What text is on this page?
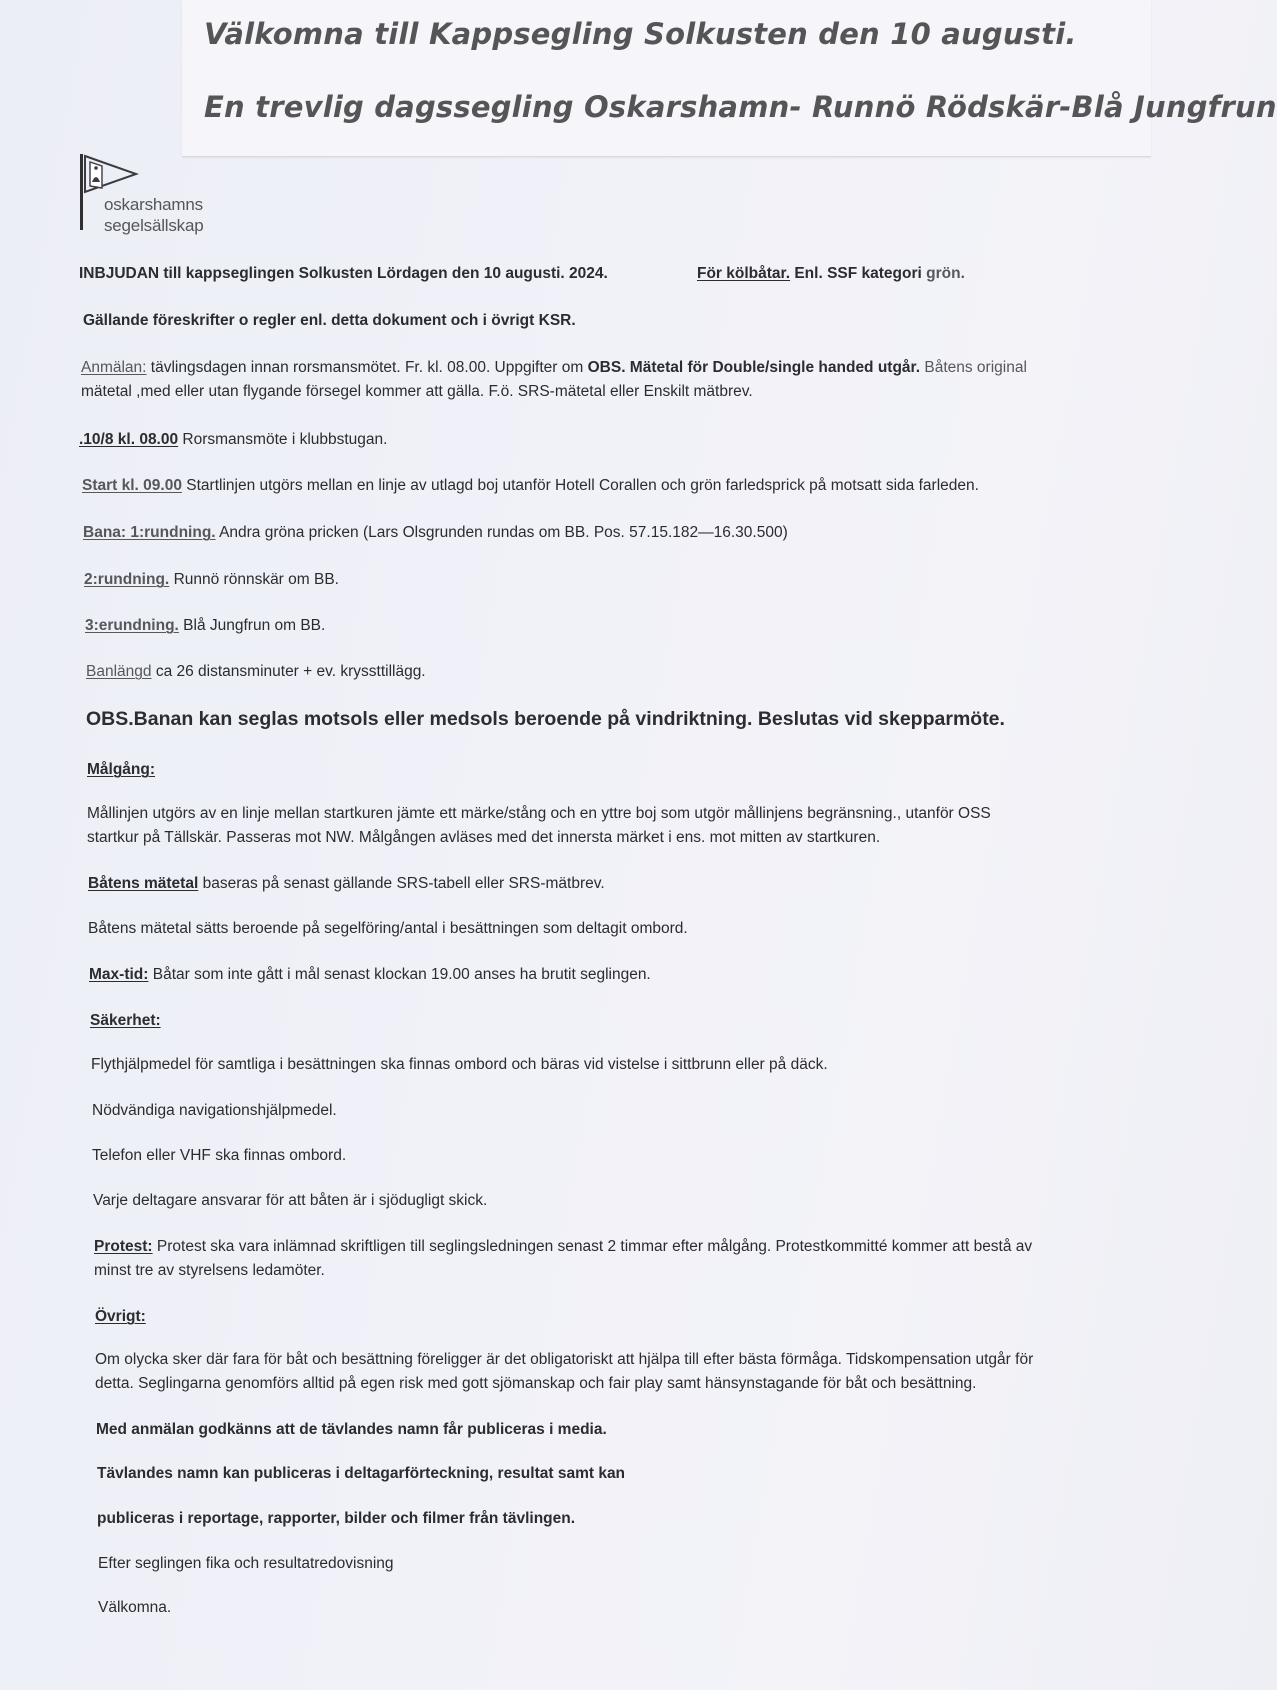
Välkomna till Kappsegling Solkusten den 10 augusti.
En trevlig dagssegling Oskarshamn- Runnö Rödskär-Blå Jungfrun
oskarshamns
segelsällskap
INBJUDAN till kappseglingen Solkusten Lördagen den 10 augusti. 2024.	För kölbåtar. Enl. SSF kategori grön.
Gällande föreskrifter o regler enl. detta dokument och i övrigt KSR.
Anmälan: tävlingsdagen innan rorsmansmötet. Fr. kl. 08.00. Uppgifter om OBS. Mätetal för Double/single handed utgår. Båtens original
mätetal ,med eller utan flygande försegel kommer att gälla. F.ö. SRS-mätetal eller Enskilt mätbrev.
.10/8 kl. 08.00 Rorsmansmöte i klubbstugan.
Start kl. 09.00 Startlinjen utgörs mellan en linje av utlagd boj utanför Hotell Corallen och grön farledsprick på motsatt sida farleden.
Bana: 1:rundning. Andra gröna pricken (Lars Olsgrunden rundas om BB. Pos. 57.15.182—16.30.500)
2:rundning. Runnö rönnskär om BB.
3:erundning. Blå Jungfrun om BB.
Banlängd ca 26 distansminuter + ev. kryssttillägg.
OBS.Banan kan seglas motsols eller medsols beroende på vindriktning. Beslutas vid skepparmöte.
Målgång:
Mållinjen utgörs av en linje mellan startkuren jämte ett märke/stång och en yttre boj som utgör mållinjens begränsning., utanför OSS
startkur på Tällskär. Passeras mot NW. Målgången avläses med det innersta märket i ens. mot mitten av startkuren.
Båtens mätetal baseras på senast gällande SRS-tabell eller SRS-mätbrev.
Båtens mätetal sätts beroende på segelföring/antal i besättningen som deltagit ombord.
Max-tid: Båtar som inte gått i mål senast klockan 19.00 anses ha brutit seglingen.
Säkerhet:
Flythjälpmedel för samtliga i besättningen ska finnas ombord och bäras vid vistelse i sittbrunn eller på däck.
Nödvändiga navigationshjälpmedel.
Telefon eller VHF ska finnas ombord.
Varje deltagare ansvarar för att båten är i sjödugligt skick.
Protest: Protest ska vara inlämnad skriftligen till seglingsledningen senast 2 timmar efter målgång. Protestkommitté kommer att bestå av
minst tre av styrelsens ledamöter.
Övrigt:
Om olycka sker där fara för båt och besättning föreligger är det obligatoriskt att hjälpa till efter bästa förmåga. Tidskompensation utgår för
detta. Seglingarna genomförs alltid på egen risk med gott sjömanskap och fair play samt hänsynstagande för båt och besättning.
Med anmälan godkänns att de tävlandes namn får publiceras i media.
Tävlandes namn kan publiceras i deltagarförteckning, resultat samt kan
publiceras i reportage, rapporter, bilder och filmer från tävlingen.
Efter seglingen fika och resultatredovisning
Välkomna.
